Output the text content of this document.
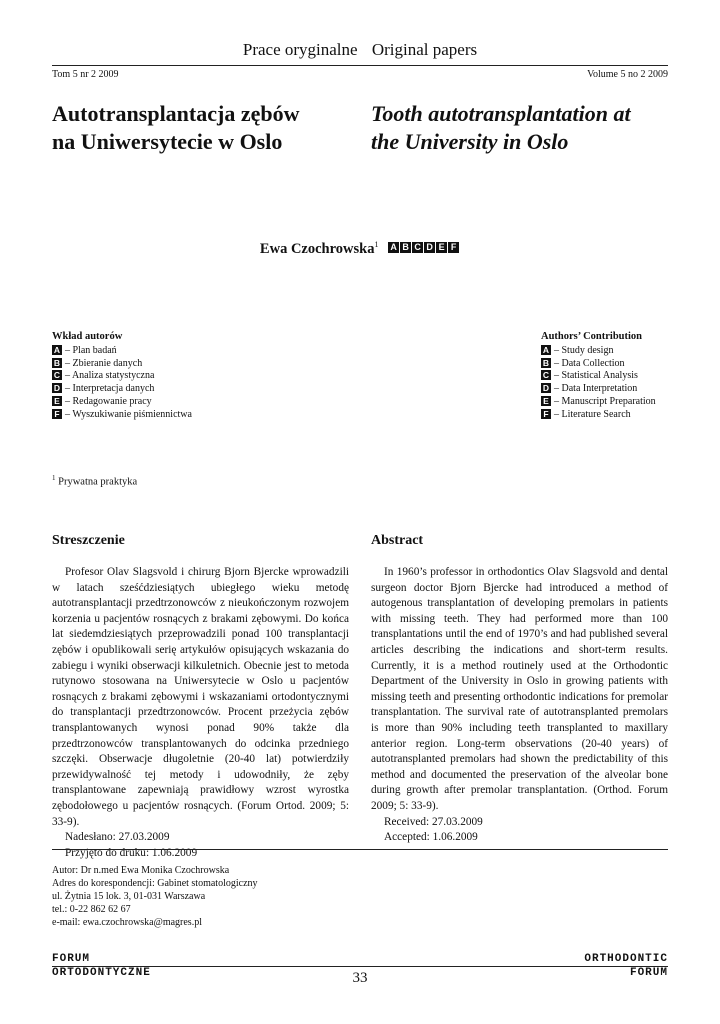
Prace oryginalne Original papers
Tom 5 nr 2 2009	Volume 5 no 2 2009
Autotransplantacja zębów
na Uniwersytecie w Oslo
Tooth autotransplantation at
the University in Oslo
Ewa Czochrowska$^1$ A B C D E F
Wkład autorów
A – Plan badań
B – Zbieranie danych
C – Analiza statystyczna
D – Interpretacja danych
E – Redagowanie pracy
F – Wyszukiwanie piśmiennictwa
Authors’ Contribution
A – Study design
B – Data Collection
C – Statistical Analysis
D – Data Interpretation
E – Manuscript Preparation
F – Literature Search
$^1$ Prywatna praktyka
Streszczenie	Abstract

Profesor Olav Slagsvold i chirurg Bjorn Bjercke wprowadzili w latach sześćdziesiątych ubiegłego wieku metodę autotransplantacji przedtrzonowców z nieukończonym rozwojem korzenia u pacjentów rosnących z brakami zębowymi. Do końca lat siedemdziesiątych przeprowadzili ponad 100 transplantacji zębów i opublikowali serię artykułów opisujących wskazania do zabiegu i wyniki obserwacji kilkuletnich. Obecnie jest to metoda rutynowo stosowana na Uniwersytecie w Oslo u pacjentów rosnących z brakami zębowymi i wskazaniami ortodontycznymi do transplantacji przedtrzonowców. Procent przeżycia zębów transplantowanych wynosi ponad 90% także dla przedtrzonowców transplantowanych do odcinka przedniego szczęki. Obserwacje długoletnie (20-40 lat) potwierdziły przewidywalność tej metody i udowodniły, że zęby transplantowane zapewniają prawidłowy wzrost wyrostka zębodołowego u pacjentów rosnących. (Forum Ortod. 2009; 5: 33-9).

Nadesłano: 27.03.2009

Przyjęto do druku: 1.06.2009

In 1960’s professor in orthodontics Olav Slagsvold and dental surgeon doctor Bjorn Bjercke had introduced a method of autogenous transplantation of developing premolars in patients with missing teeth. They had performed more than 100 transplantations until the end of 1970’s and had published several articles describing the indications and short-term results. Currently, it is a method routinely used at the Orthodontic Department of the University in Oslo in growing patients with missing teeth and presenting orthodontic indications for premolar transplantation. The survival rate of autotransplanted premolars is more than 90% including teeth transplanted to maxillary anterior region. Long-term observations (20-40 years) of autotransplanted premolars had shown the predictability of this method and documented the preservation of the alveolar bone during growth after premolar transplantation. (Orthod. Forum 2009; 5: 33-9).

Received: 27.03.2009

Accepted: 1.06.2009

Autor: Dr n.med Ewa Monika Czochrowska
Adres do korespondencji: Gabinet stomatologiczny
ul. Żytnia 15 lok. 3, 01-031 Warszawa
tel.: 0-22 862 62 67
e-mail: ewa.czochrowska@magres.pl
FORUM
ORTODONTYCZNE
ORTHODONTIC
FORUM
33
